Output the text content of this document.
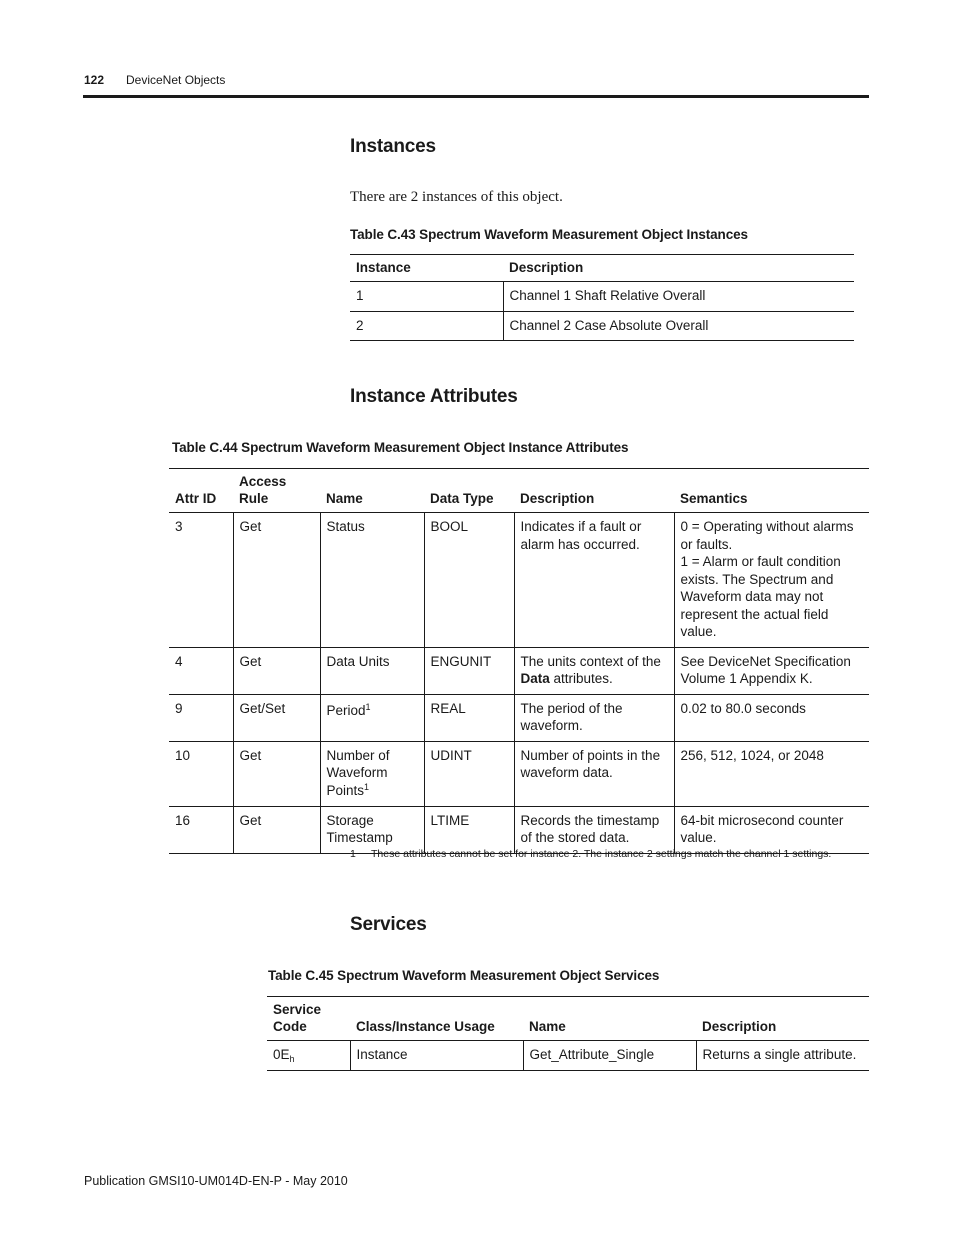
122 DeviceNet Objects
Instances
There are 2 instances of this object.
Table C.43 Spectrum Waveform Measurement Object Instances
Instance	Description
1	Channel 1 Shaft Relative Overall
2	Channel 2 Case Absolute Overall
Instance Attributes
Table C.44 Spectrum Waveform Measurement Object Instance Attributes
Attr ID	Access Rule	Name	Data Type	Description	Semantics
3	Get	Status	BOOL	Indicates if a fault or alarm has occurred.	0 = Operating without alarms or faults.
1 = Alarm or fault condition exists. The Spectrum and Waveform data may not represent the actual field value.
4	Get	Data Units	ENGUNIT	The units context of the Data attributes.	See DeviceNet Specification Volume 1 Appendix K.
9	Get/Set	Period$^1$	REAL	The period of the waveform.	0.02 to 80.0 seconds
10	Get	Number of Waveform Points$^1$	UDINT	Number of points in the waveform data.	256, 512, 1024, or 2048
16	Get	Storage Timestamp	LTIME	Records the timestamp of the stored data.	64-bit microsecond counter value.
1 These attributes cannot be set for instance 2. The instance 2 settings match the channel 1 settings.
Services
Table C.45 Spectrum Waveform Measurement Object Services
Service Code	Class/Instance Usage	Name	Description
$0E_h$	Instance	Get_Attribute_Single	Returns a single attribute.
Publication GMSI10-UM014D-EN-P - May 2010
